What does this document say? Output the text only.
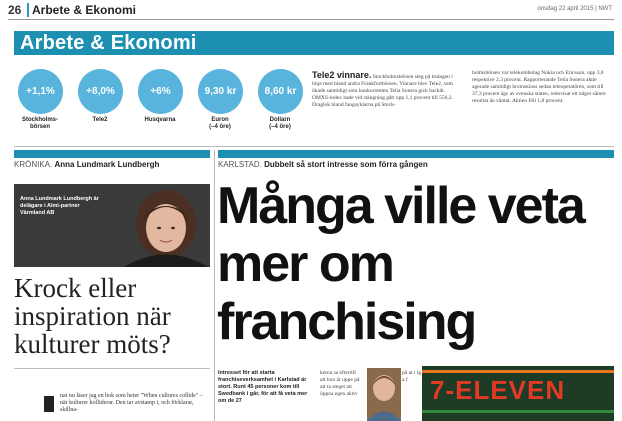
26 Arbete & Ekonomi	onsdag 22 april 2015 | NWT
Arbete & Ekonomi
+1,1%
Stockholms-
börsen
+8,0%
Tele2
+6%
Husqvarna
9,30 kr
Euron
(–4 öre)
8,60 kr
Dollarn
(–4 öre)
Tele2 vinnare. Stockholmsbörsen steg på tisdagen i linje med bland andra Frankfurtbörsen. Vinnare blev Tele2, som ökade samtidigt som konkurrenten Telia Sonera gick backåt. OMXS-index hade vid stängning gått upp 1,1 procent till 556,2. Draglok bland fangsyklarna på Stock-
holmsbörsen var telekombolag Nokia och Ericsson, upp 3,0 respektive 2,3 procent. Rapporterande Telia Sonera aktie agerade samtidigt bromskloss sedan teleoperatören, som till 37,3 procent ägs av svenska staten, redovisat ett något sämre resultat än väntat. Aktien föll 1,8 procent.
KRÖNIKA. Anna Lundmark Lundbergh
Anna Lundmark Lundbergh är delägare i Almi-partner Värmland AB
Krock eller inspiration när kulturer möts?
nat nu läser jag en bok som heter "When cultures collide" – när kulturer kolliderar. Den tar avstamp i, och förklarar, skillna-
KARLSTAD. Dubbelt så stort intresse som förra gången
Många ville veta mer om franchising
Intresset för att starta franchiseverksamhet i Karlstad är stort. Runt 45 personer kom till Swedbank i går, för att få veta mer om de 27
kerna sa eftertill att hon är uppe på att ta steget att öppna egen aktiv
på at i ig a f 7-ELEVEN
